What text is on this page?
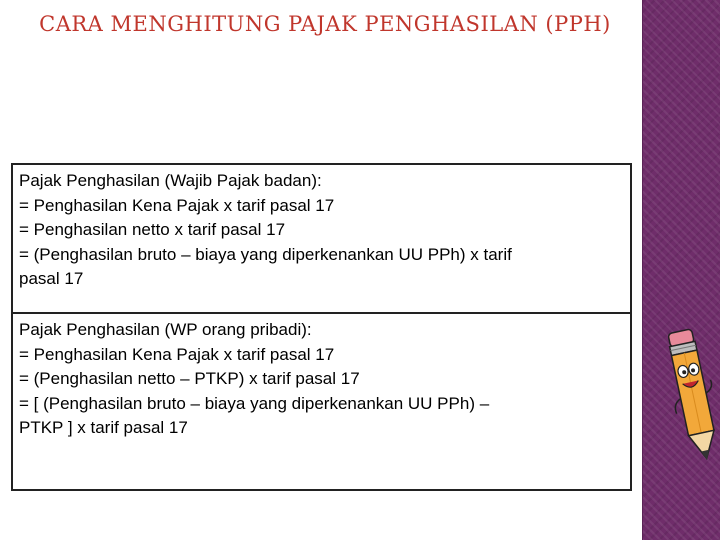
CARA MENGHITUNG PAJAK PENGHASILAN (PPH)
Pajak Penghasilan (Wajib Pajak badan):
= Penghasilan Kena Pajak x tarif pasal 17
= Penghasilan netto x tarif pasal 17
= (Penghasilan bruto – biaya yang diperkenankan UU PPh) x tarif
pasal 17
Pajak Penghasilan (WP orang pribadi):
= Penghasilan Kena Pajak x tarif pasal 17
= (Penghasilan netto – PTKP) x tarif pasal 17
= [ (Penghasilan bruto – biaya yang diperkenankan UU PPh) –
PTKP ] x tarif pasal 17
